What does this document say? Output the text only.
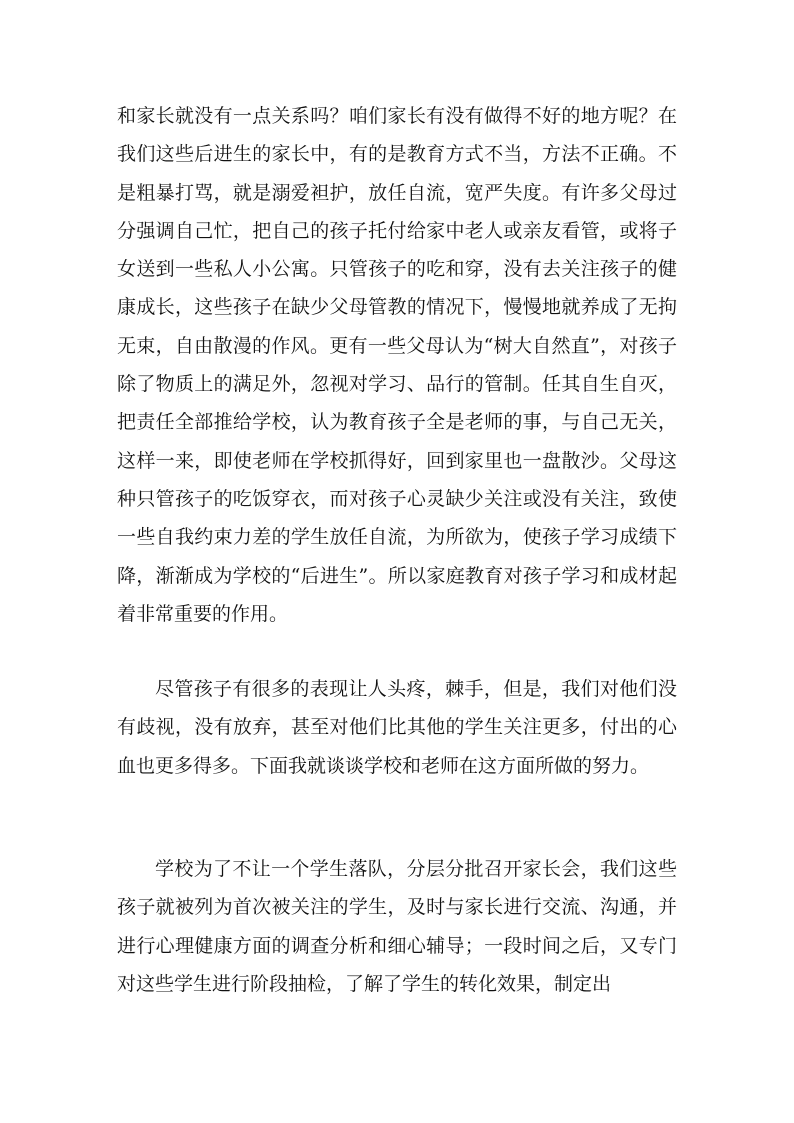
和家长就没有一点关系吗？咱们家长有没有做得不好的地方呢？在我们这些后进生的家长中，有的是教育方式不当，方法不正确。不是粗暴打骂，就是溺爱袒护，放任自流，宽严失度。有许多父母过分强调自己忙，把自己的孩子托付给家中老人或亲友看管，或将子女送到一些私人小公寓。只管孩子的吃和穿，没有去关注孩子的健康成长，这些孩子在缺少父母管教的情况下，慢慢地就养成了无拘无束，自由散漫的作风。更有一些父母认为“树大自然直”，对孩子除了物质上的满足外，忽视对学习、品行的管制。任其自生自灭，把责任全部推给学校，认为教育孩子全是老师的事，与自己无关，这样一来，即使老师在学校抓得好，回到家里也一盘散沙。父母这种只管孩子的吃饭穿衣，而对孩子心灵缺少关注或没有关注，致使一些自我约束力差的学生放任自流，为所欲为，使孩子学习成绩下降，渐渐成为学校的“后进生”。所以家庭教育对孩子学习和成材起着非常重要的作用。

尽管孩子有很多的表现让人头疼，棘手，但是，我们对他们没有歧视，没有放弃，甚至对他们比其他的学生关注更多，付出的心血也更多得多。下面我就谈谈学校和老师在这方面所做的努力。

学校为了不让一个学生落队，分层分批召开家长会，我们这些孩子就被列为首次被关注的学生，及时与家长进行交流、沟通，并进行心理健康方面的调查分析和细心辅导；一段时间之后，又专门对这些学生进行阶段抽检，了解了学生的转化效果，制定出
